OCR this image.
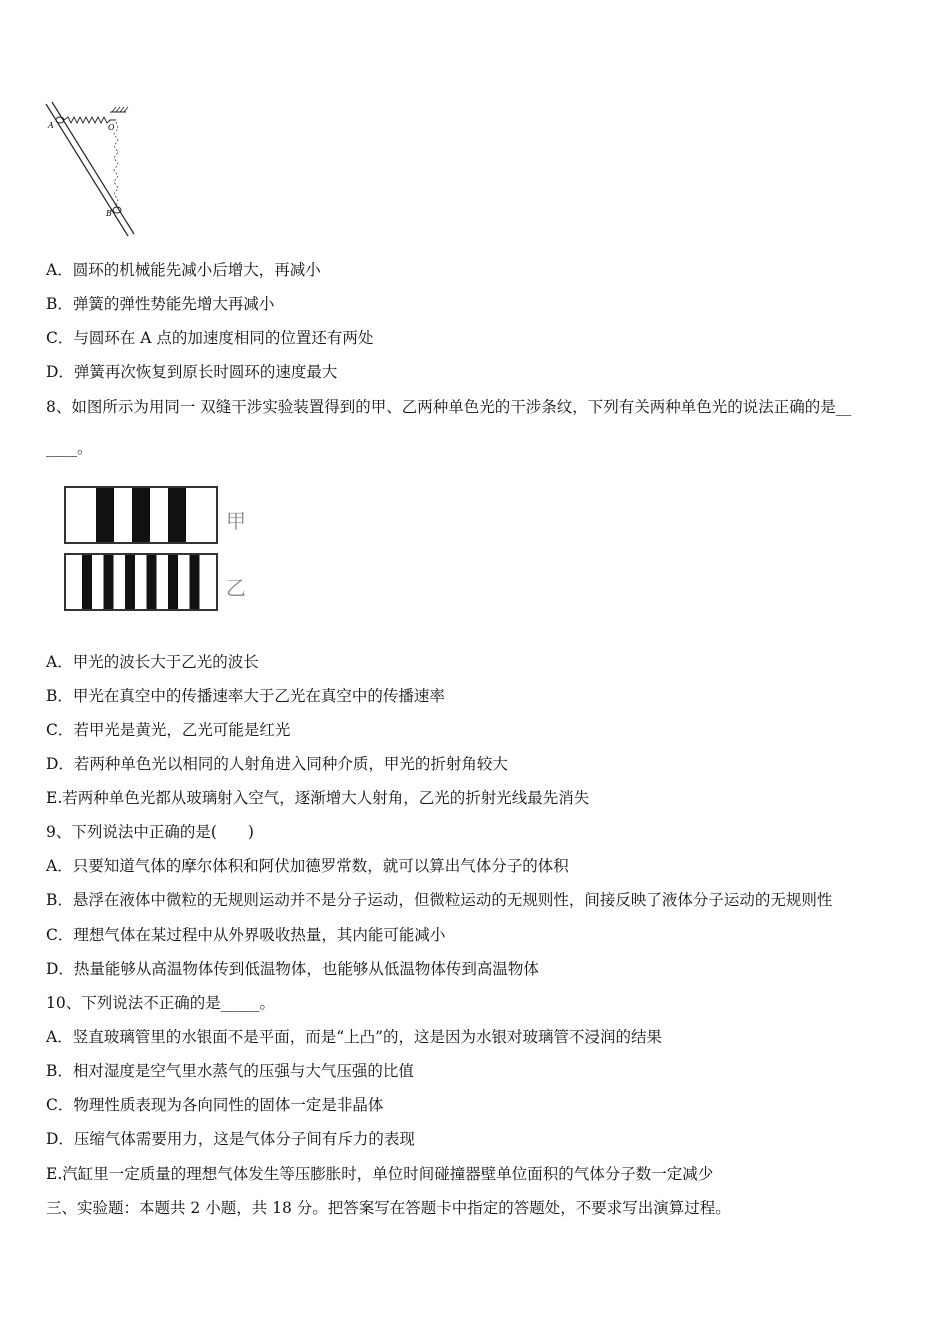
A	O
B
A．圆环的机械能先减小后增大，再减小
B．弹簧的弹性势能先增大再减小
C．与圆环在 A 点的加速度相同的位置还有两处
D．弹簧再次恢复到原长时圆环的速度最大
8、如图所示为用同一 双缝干涉实验装置得到的甲、乙两种单色光的干涉条纹，下列有关两种单色光的说法正确的是__
____。
甲
乙
A．甲光的波长大于乙光的波长
B．甲光在真空中的传播速率大于乙光在真空中的传播速率
C．若甲光是黄光，乙光可能是红光
D．若两种单色光以相同的人射角进入同种介质，甲光的折射角较大
E.若两种单色光都从玻璃射入空气，逐渐增大人射角，乙光的折射光线最先消失
9、下列说法中正确的是(　　)
A．只要知道气体的摩尔体积和阿伏加德罗常数，就可以算出气体分子的体积
B．悬浮在液体中微粒的无规则运动并不是分子运动，但微粒运动的无规则性，间接反映了液体分子运动的无规则性
C．理想气体在某过程中从外界吸收热量，其内能可能减小
D．热量能够从高温物体传到低温物体，也能够从低温物体传到高温物体
10、下列说法不正确的是_____。
A．竖直玻璃管里的水银面不是平面，而是“上凸”的，这是因为水银对玻璃管不浸润的结果
B．相对湿度是空气里水蒸气的压强与大气压强的比值
C．物理性质表现为各向同性的固体一定是非晶体
D．压缩气体需要用力，这是气体分子间有斥力的表现
E.汽缸里一定质量的理想气体发生等压膨胀时，单位时间碰撞器壁单位面积的气体分子数一定减少
三、实验题：本题共 2 小题，共 18 分。把答案写在答题卡中指定的答题处，不要求写出演算过程。
